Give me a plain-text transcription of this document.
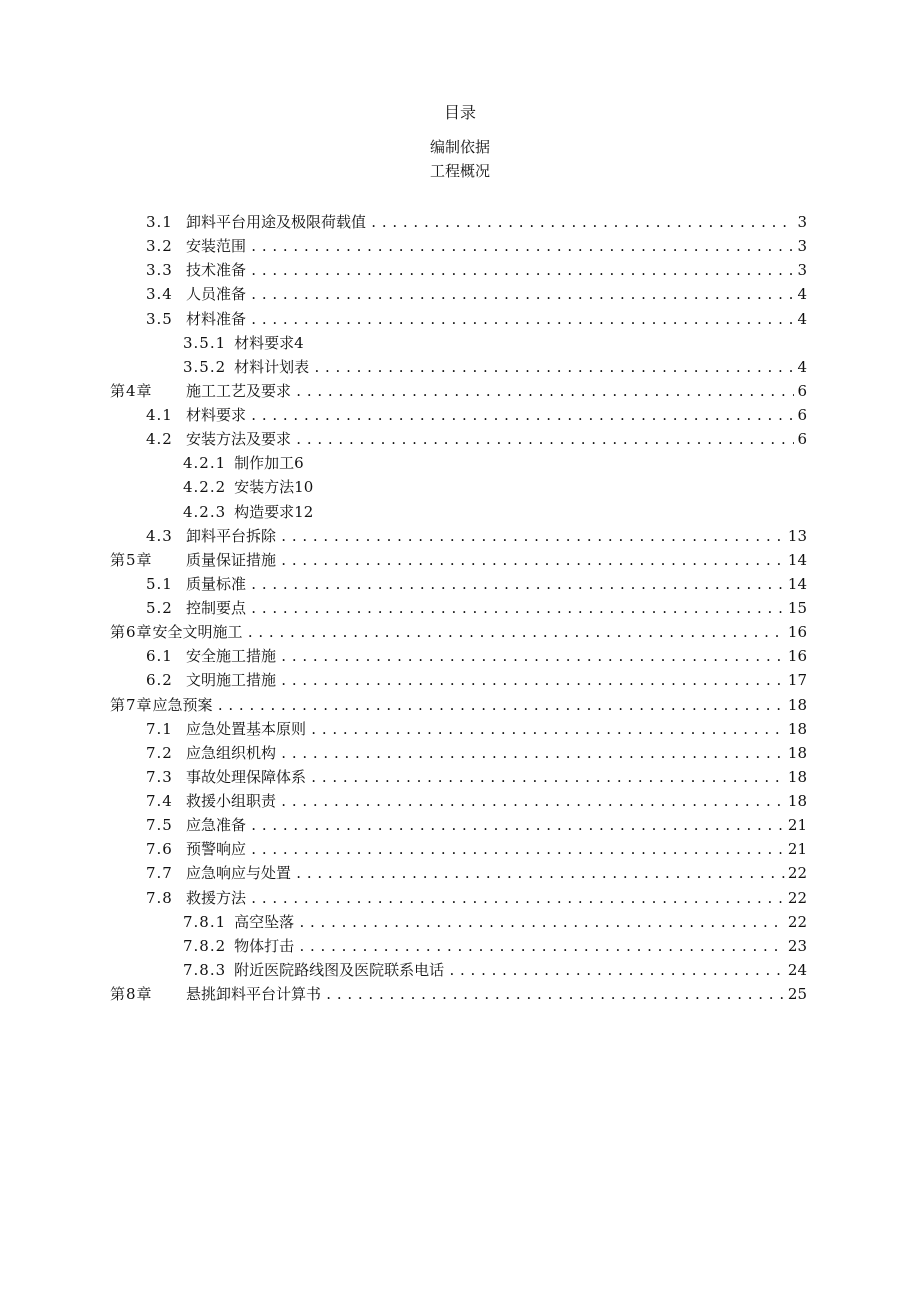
目录
编制依据
工程概况
3.1 卸料平台用途及极限荷载值 . . .	3
3.2 安装范围 . . .	3
3.3 技术准备 . . .	3
3.4 人员准备 . . .	4
3.5 材料准备 . . .	4
3.5.1 材料要求4
3.5.2 材料计划表 . . .	4
第4章 施工工艺及要求 . . .	6
4.1 材料要求 . . .	6
4.2 安装方法及要求 . . .	6
4.2.1 制作加工6
4.2.2 安装方法10
4.2.3 构造要求12
4.3 卸料平台拆除 . . .	13
第5章 质量保证措施 . . .	14
5.1 质量标准 . . .	14
5.2 控制要点 . . .	15
第6章安全文明施工 . . .	16
6.1 安全施工措施 . . .	16
6.2 文明施工措施 . . .	17
第7章应急预案 . . .	18
7.1 应急处置基本原则 . . .	18
7.2 应急组织机构 . . .	18
7.3 事故处理保障体系 . . .	18
7.4 救援小组职责 . . .	18
7.5 应急准备 . . .	21
7.6 预警响应 . . .	21
7.7 应急响应与处置 . . .	22
7.8 救援方法 . . .	22
7.8.1 高空坠落 . . .	22
7.8.2 物体打击 . . .	23
7.8.3 附近医院路线图及医院联系电话 . . .	24
第8章 悬挑卸料平台计算书 . . .	25
